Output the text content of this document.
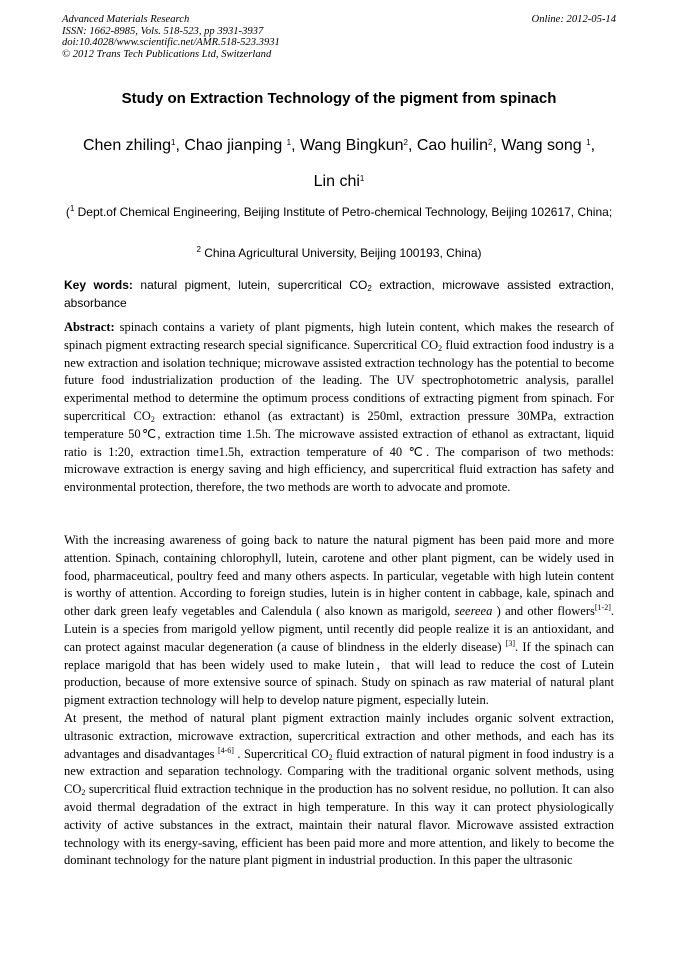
Advanced Materials Research
ISSN: 1662-8985, Vols. 518-523, pp 3931-3937
doi:10.4028/www.scientific.net/AMR.518-523.3931
© 2012 Trans Tech Publications Ltd, Switzerland
Online: 2012-05-14
Study on Extraction Technology of the pigment from spinach
Chen zhiling$^1$, Chao jianping $^1$, Wang Bingkun$^2$, Cao huilin$^2$, Wang song $^1$,
Lin chi$^1$
($^1$ Dept.of Chemical Engineering, Beijing Institute of Petro-chemical Technology, Beijing 102617, China;
$^2$ China Agricultural University, Beijing 100193, China)
Key words: natural pigment, lutein, supercritical $CO_2$ extraction, microwave assisted extraction, absorbance

Abstract: spinach contains a variety of plant pigments, high lutein content, which makes the research of spinach pigment extracting research special significance. Supercritical $CO_2$ fluid extraction food industry is a new extraction and isolation technique; microwave assisted extraction technology has the potential to become future food industrialization production of the leading. The UV spectrophotometric analysis, parallel experimental method to determine the optimum process conditions of extracting pigment from spinach. For supercritical $CO_2$ extraction: ethanol (as extractant) is 250ml, extraction pressure 30MPa, extraction temperature 50℃, extraction time 1.5h. The microwave assisted extraction of ethanol as extractant, liquid ratio is 1:20, extraction time1.5h, extraction temperature of 40 ℃. The comparison of two methods: microwave extraction is energy saving and high efficiency, and supercritical fluid extraction has safety and environmental protection, therefore, the two methods are worth to advocate and promote.

With the increasing awareness of going back to nature the natural pigment has been paid more and more attention. Spinach, containing chlorophyll, lutein, carotene and other plant pigment, can be widely used in food, pharmaceutical, poultry feed and many others aspects. In particular, vegetable with high lutein content is worthy of attention. According to foreign studies, lutein is in higher content in cabbage, kale, spinach and other dark green leafy vegetables and Calendula ( also known as marigold, seereea ) and other flowers[1-2]. Lutein is a species from marigold yellow pigment, until recently did people realize it is an antioxidant, and can protect against macular degeneration (a cause of blindness in the elderly disease) [3]. If the spinach can replace marigold that has been widely used to make lutein，that will lead to reduce the cost of Lutein production, because of more extensive source of spinach. Study on spinach as raw material of natural plant pigment extraction technology will help to develop nature pigment, especially lutein.

At present, the method of natural plant pigment extraction mainly includes organic solvent extraction, ultrasonic extraction, microwave extraction, supercritical extraction and other methods, and each has its advantages and disadvantages [4-6] . Supercritical $CO_2$ fluid extraction of natural pigment in food industry is a new extraction and separation technology. Comparing with the traditional organic solvent methods, using $CO_2$ supercritical fluid extraction technique in the production has no solvent residue, no pollution. It can also avoid thermal degradation of the extract in high temperature. In this way it can protect physiologically activity of active substances in the extract, maintain their natural flavor. Microwave assisted extraction technology with its energy-saving, efficient has been paid more and more attention, and likely to become the dominant technology for the nature plant pigment in industrial production. In this paper the ultrasonic
